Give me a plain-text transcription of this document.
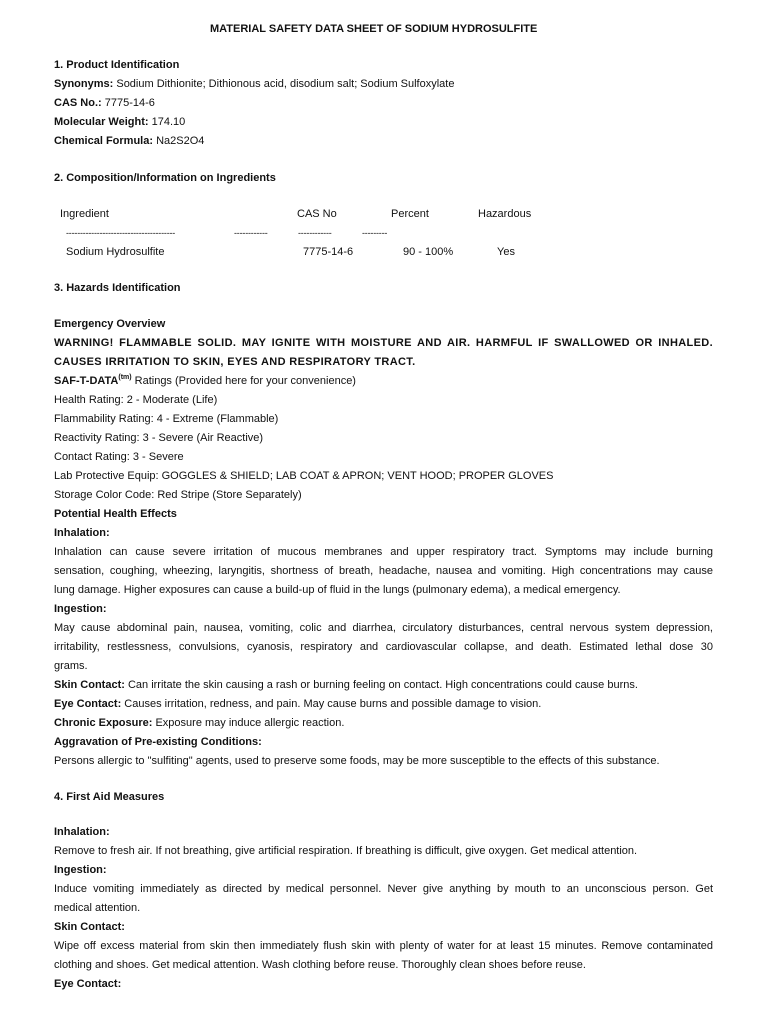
MATERIAL SAFETY DATA SHEET OF SODIUM HYDROSULFITE
1. Product Identification
Synonyms: Sodium Dithionite; Dithionous acid, disodium salt; Sodium Sulfoxylate
CAS No.: 7775-14-6
Molecular Weight: 174.10
Chemical Formula: Na2S2O4
2. Composition/Information on Ingredients
Ingredient	CAS No	Percent	Hazardous
---------------------------------------	------------	------------	---------
Sodium Hydrosulfite	7775-14-6	90 - 100%	Yes
3. Hazards Identification
Emergency Overview
WARNING! FLAMMABLE SOLID. MAY IGNITE WITH MOISTURE AND AIR. HARMFUL IF SWALLOWED OR INHALED.
CAUSES IRRITATION TO SKIN, EYES AND RESPIRATORY TRACT.
SAF-$T-DATA^{(tm)}$ Ratings (Provided here for your convenience)
Health Rating: 2 - Moderate (Life)
Flammability Rating: 4 - Extreme (Flammable)
Reactivity Rating: 3 - Severe (Air Reactive)
Contact Rating: 3 - Severe
Lab Protective Equip: GOGGLES & SHIELD; LAB COAT & APRON; VENT HOOD; PROPER GLOVES
Storage Color Code: Red Stripe (Store Separately)
Potential Health Effects
Inhalation:
Inhalation can cause severe irritation of mucous membranes and upper respiratory tract. Symptoms may include burning
sensation, coughing, wheezing, laryngitis, shortness of breath, headache, nausea and vomiting. High concentrations may cause
lung damage. Higher exposures can cause a build-up of fluid in the lungs (pulmonary edema), a medical emergency.
Ingestion:
May cause abdominal pain, nausea, vomiting, colic and diarrhea, circulatory disturbances, central nervous system depression,
irritability, restlessness, convulsions, cyanosis, respiratory and cardiovascular collapse, and death. Estimated lethal dose 30
grams.
Skin Contact: Can irritate the skin causing a rash or burning feeling on contact. High concentrations could cause burns.
Eye Contact: Causes irritation, redness, and pain. May cause burns and possible damage to vision.
Chronic Exposure: Exposure may induce allergic reaction.
Aggravation of Pre-existing Conditions:
Persons allergic to "sulfiting" agents, used to preserve some foods, may be more susceptible to the effects of this substance.
4. First Aid Measures
Inhalation:
Remove to fresh air. If not breathing, give artificial respiration. If breathing is difficult, give oxygen. Get medical attention.
Ingestion:
Induce vomiting immediately as directed by medical personnel. Never give anything by mouth to an unconscious person. Get
medical attention.
Skin Contact:
Wipe off excess material from skin then immediately flush skin with plenty of water for at least 15 minutes. Remove contaminated
clothing and shoes. Get medical attention. Wash clothing before reuse. Thoroughly clean shoes before reuse.
Eye Contact:
